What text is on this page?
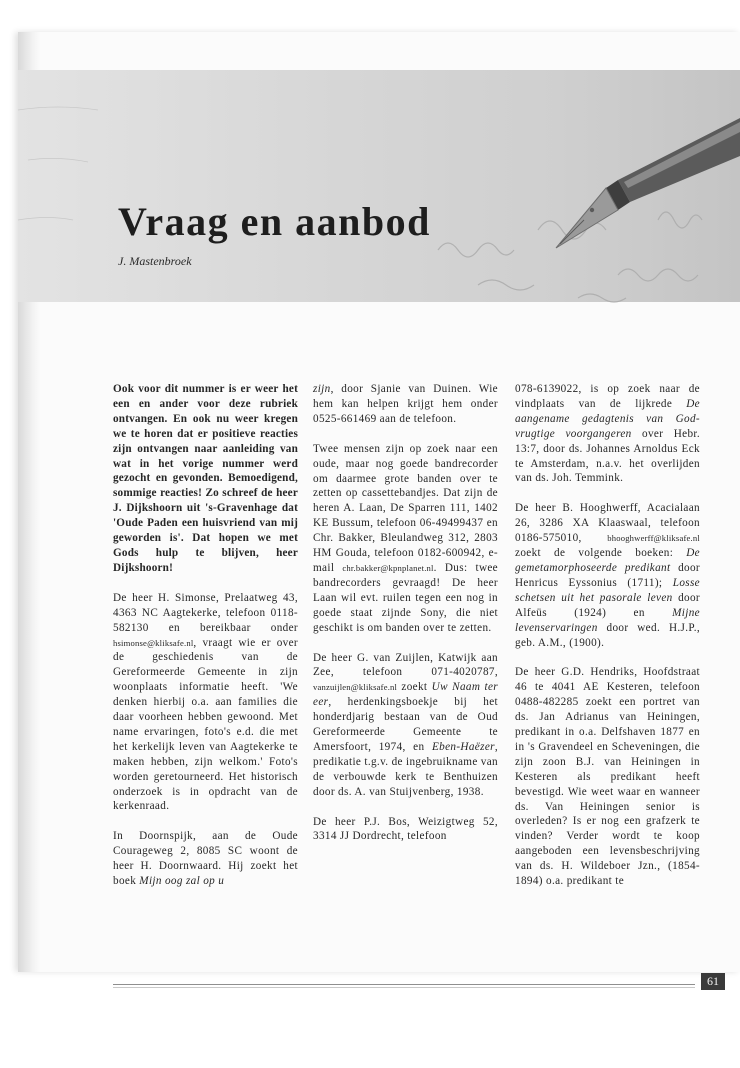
Vraag en aanbod
J. Mastenbroek

Ook voor dit nummer is er weer het een en ander voor deze rubriek ontvangen. En ook nu weer kregen we te horen dat er positieve reacties zijn ontvangen naar aanleiding van wat in het vorige nummer werd gezocht en gevonden. Bemoedigend, sommige reacties! Zo schreef de heer J. Dijkshoorn uit 's-Gravenhage dat 'Oude Paden een huisvriend van mij geworden is'. Dat hopen we met Gods hulp te blijven, heer Dijkshoorn!

De heer H. Simonse, Prelaatweg 43, 4363 NC Aagtekerke, telefoon 0118-582130 en bereikbaar onder hsimonse@kliksafe.nl, vraagt wie er over de geschiedenis van de Gereformeerde Gemeente in zijn woonplaats informatie heeft. 'We denken hierbij o.a. aan families die daar voorheen hebben gewoond. Met name ervaringen, foto's e.d. die met het kerkelijk leven van Aagtekerke te maken hebben, zijn welkom.' Foto's worden geretourneerd. Het historisch onderzoek is in opdracht van de kerkenraad.

In Doornspijk, aan de Oude Courageweg 2, 8085 SC woont de heer H. Doornwaard. Hij zoekt het boek Mijn oog zal op u

zijn, door Sjanie van Duinen. Wie hem kan helpen krijgt hem onder 0525-661469 aan de telefoon.

Twee mensen zijn op zoek naar een oude, maar nog goede bandrecorder om daarmee grote banden over te zetten op cassettebandjes. Dat zijn de heren A. Laan, De Sparren 111, 1402 KE Bussum, telefoon 06-49499437 en Chr. Bakker, Bleulandweg 312, 2803 HM Gouda, telefoon 0182-600942, e-mail chr.bakker@kpnplanet.nl. Dus: twee bandrecorders gevraagd! De heer Laan wil evt. ruilen tegen een nog in goede staat zijnde Sony, die niet geschikt is om banden over te zetten.

De heer G. van Zuijlen, Katwijk aan Zee, telefoon 071-4020787, vanzuijlen@kliksafe.nl zoekt Uw Naam ter eer, herdenkingsboekje bij het honderdjarig bestaan van de Oud Gereformeerde Gemeente te Amersfoort, 1974, en Eben-Haëzer, predikatie t.g.v. de ingebruikname van de verbouwde kerk te Benthuizen door ds. A. van Stuijvenberg, 1938.

De heer P.J. Bos, Weizigtweg 52, 3314 JJ Dordrecht, telefoon

078-6139022, is op zoek naar de vindplaats van de lijkrede De aangename gedagtenis van God-vrugtige voorgangeren over Hebr. 13:7, door ds. Johannes Arnoldus Eck te Amsterdam, n.a.v. het overlijden van ds. Joh. Temmink.

De heer B. Hooghwerff, Acacialaan 26, 3286 XA Klaaswaal, telefoon 0186-575010, bhooghwerff@kliksafe.nl zoekt de volgende boeken: De gemetamorphoseerde predikant door Henricus Eyssonius (1711); Losse schetsen uit het pasorale leven door Alfeüs (1924) en Mijne levenservaringen door wed. H.J.P., geb. A.M., (1900).

De heer G.D. Hendriks, Hoofdstraat 46 te 4041 AE Kesteren, telefoon 0488-482285 zoekt een portret van ds. Jan Adrianus van Heiningen, predikant in o.a. Delfshaven 1877 en in 's Gravendeel en Scheveningen, die zijn zoon B.J. van Heiningen in Kesteren als predikant heeft bevestigd. Wie weet waar en wanneer ds. Van Heiningen senior is overleden? Is er nog een grafzerk te vinden? Verder wordt te koop aangeboden een levensbeschrijving van ds. H. Wildeboer Jzn., (1854-1894) o.a. predikant te

61
